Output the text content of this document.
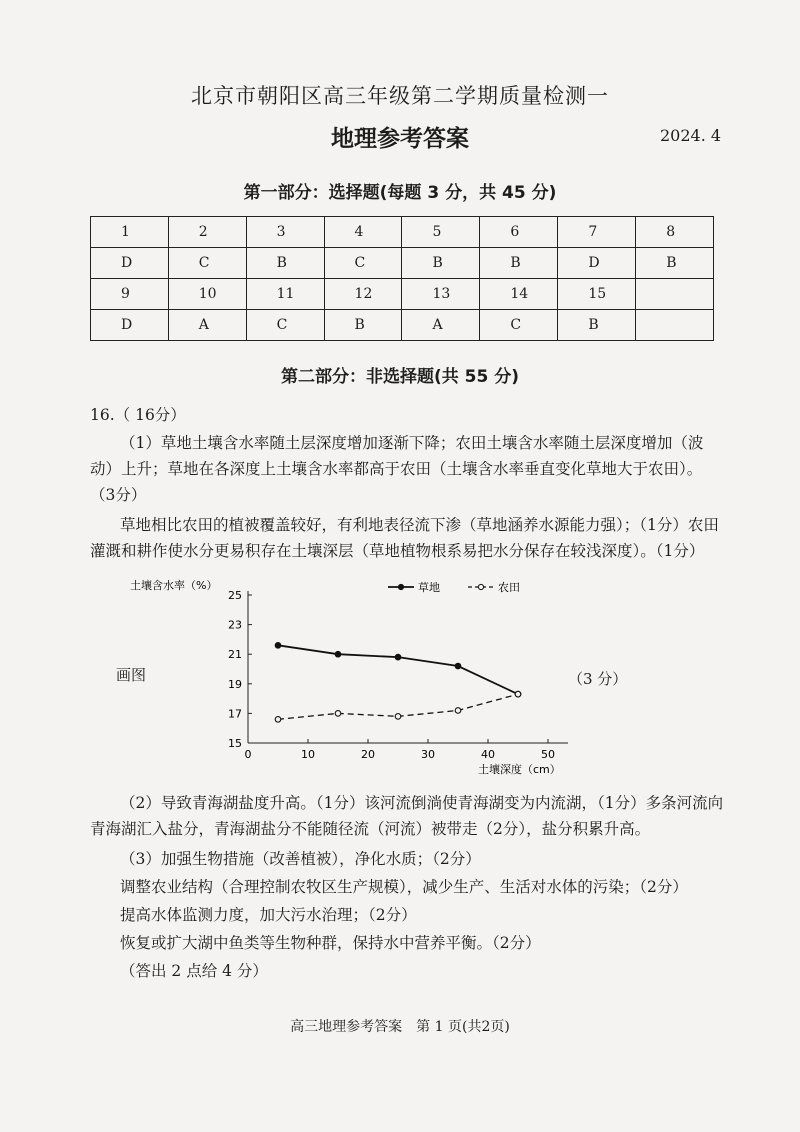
北京市朝阳区高三年级第二学期质量检测一
地理参考答案	2024. 4
第一部分：选择题(每题 3 分，共 45 分)
1	2	3	4	5	6	7	8
D	C	B	C	B	B	D	B
9	10	11	12	13	14	15	
D	A	C	B	A	C	B	
第二部分：非选择题(共 55 分)
16.（ 16分）
（1）草地土壤含水率随土层深度增加逐渐下降；农田土壤含水率随土层深度增加（波
动）上升；草地在各深度上土壤含水率都高于农田（土壤含水率垂直变化草地大于农田）。
（3分）
草地相比农田的植被覆盖较好，有利地表径流下渗（草地涵养水源能力强）；（1分）农田
灌溉和耕作使水分更易积存在土壤深层（草地植物根系易把水分保存在较浅深度）。（1分）
画图	（3 分）
15
17
19
21
23
25
0	10	20	30	40	50
土壤含水率（%）
土壤深度（cm）
草地	农田
（2）导致青海湖盐度升高。（1分）该河流倒淌使青海湖变为内流湖，（1分）多条河流向
青海湖汇入盐分，青海湖盐分不能随径流（河流）被带走（2分），盐分积累升高。
（3）加强生物措施（改善植被），净化水质；（2分）
调整农业结构（合理控制农牧区生产规模），减少生产、生活对水体的污染；（2分）
提高水体监测力度，加大污水治理；（2分）
恢复或扩大湖中鱼类等生物种群，保持水中营养平衡。（2分）
（答出 2 点给 4 分）
高三地理参考答案　第 1 页(共2页)
